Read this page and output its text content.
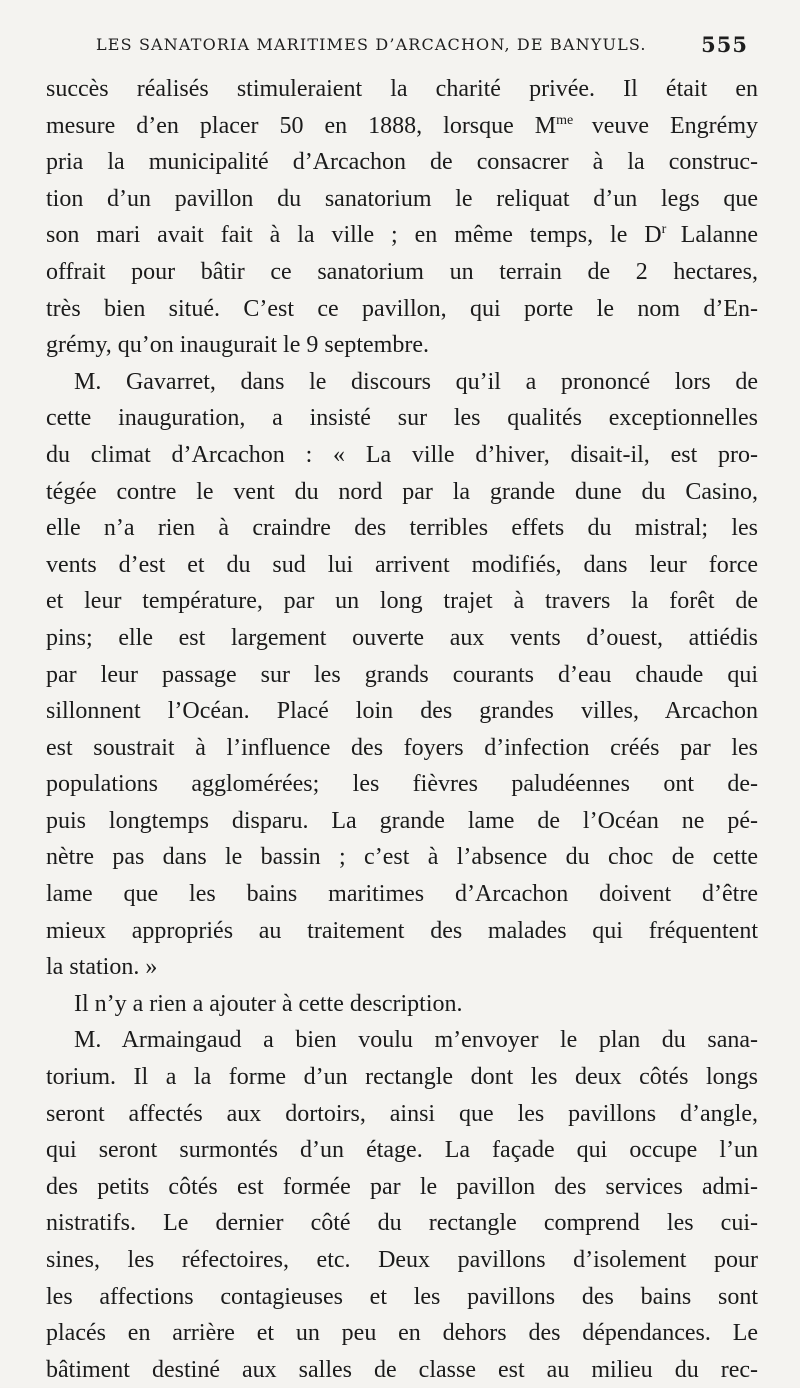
LES SANATORIA MARITIMES D’ARCACHON, DE BANYULS.	555
succès réalisés stimuleraient la charité privée. Il était en
mesure d’en placer 50 en 1888, lorsque $M^{me}$ veuve Engrémy
pria la municipalité d’Arcachon de consacrer à la construc-
tion d’un pavillon du sanatorium le reliquat d’un legs que
son mari avait fait à la ville ; en même temps, le $D^r$ Lalanne
offrait pour bâtir ce sanatorium un terrain de 2 hectares,
très bien situé. C’est ce pavillon, qui porte le nom d’En-
grémy, qu’on inaugurait le 9 septembre.
M. Gavarret, dans le discours qu’il a prononcé lors de
cette inauguration, a insisté sur les qualités exceptionnelles
du climat d’Arcachon : « La ville d’hiver, disait-il, est pro-
tégée contre le vent du nord par la grande dune du Casino,
elle n’a rien à craindre des terribles effets du mistral; les
vents d’est et du sud lui arrivent modifiés, dans leur force
et leur température, par un long trajet à travers la forêt de
pins; elle est largement ouverte aux vents d’ouest, attiédis
par leur passage sur les grands courants d’eau chaude qui
sillonnent l’Océan. Placé loin des grandes villes, Arcachon
est soustrait à l’influence des foyers d’infection créés par les
populations agglomérées; les fièvres paludéennes ont de-
puis longtemps disparu. La grande lame de l’Océan ne pé-
nètre pas dans le bassin ; c’est à l’absence du choc de cette
lame que les bains maritimes d’Arcachon doivent d’être
mieux appropriés au traitement des malades qui fréquentent
la station. »
Il n’y a rien a ajouter à cette description.
M. Armaingaud a bien voulu m’envoyer le plan du sana-
torium. Il a la forme d’un rectangle dont les deux côtés longs
seront affectés aux dortoirs, ainsi que les pavillons d’angle,
qui seront surmontés d’un étage. La façade qui occupe l’un
des petits côtés est formée par le pavillon des services admi-
nistratifs. Le dernier côté du rectangle comprend les cui-
sines, les réfectoires, etc. Deux pavillons d’isolement pour
les affections contagieuses et les pavillons des bains sont
placés en arrière et un peu en dehors des dépendances. Le
bâtiment destiné aux salles de classe est au milieu du rec-
